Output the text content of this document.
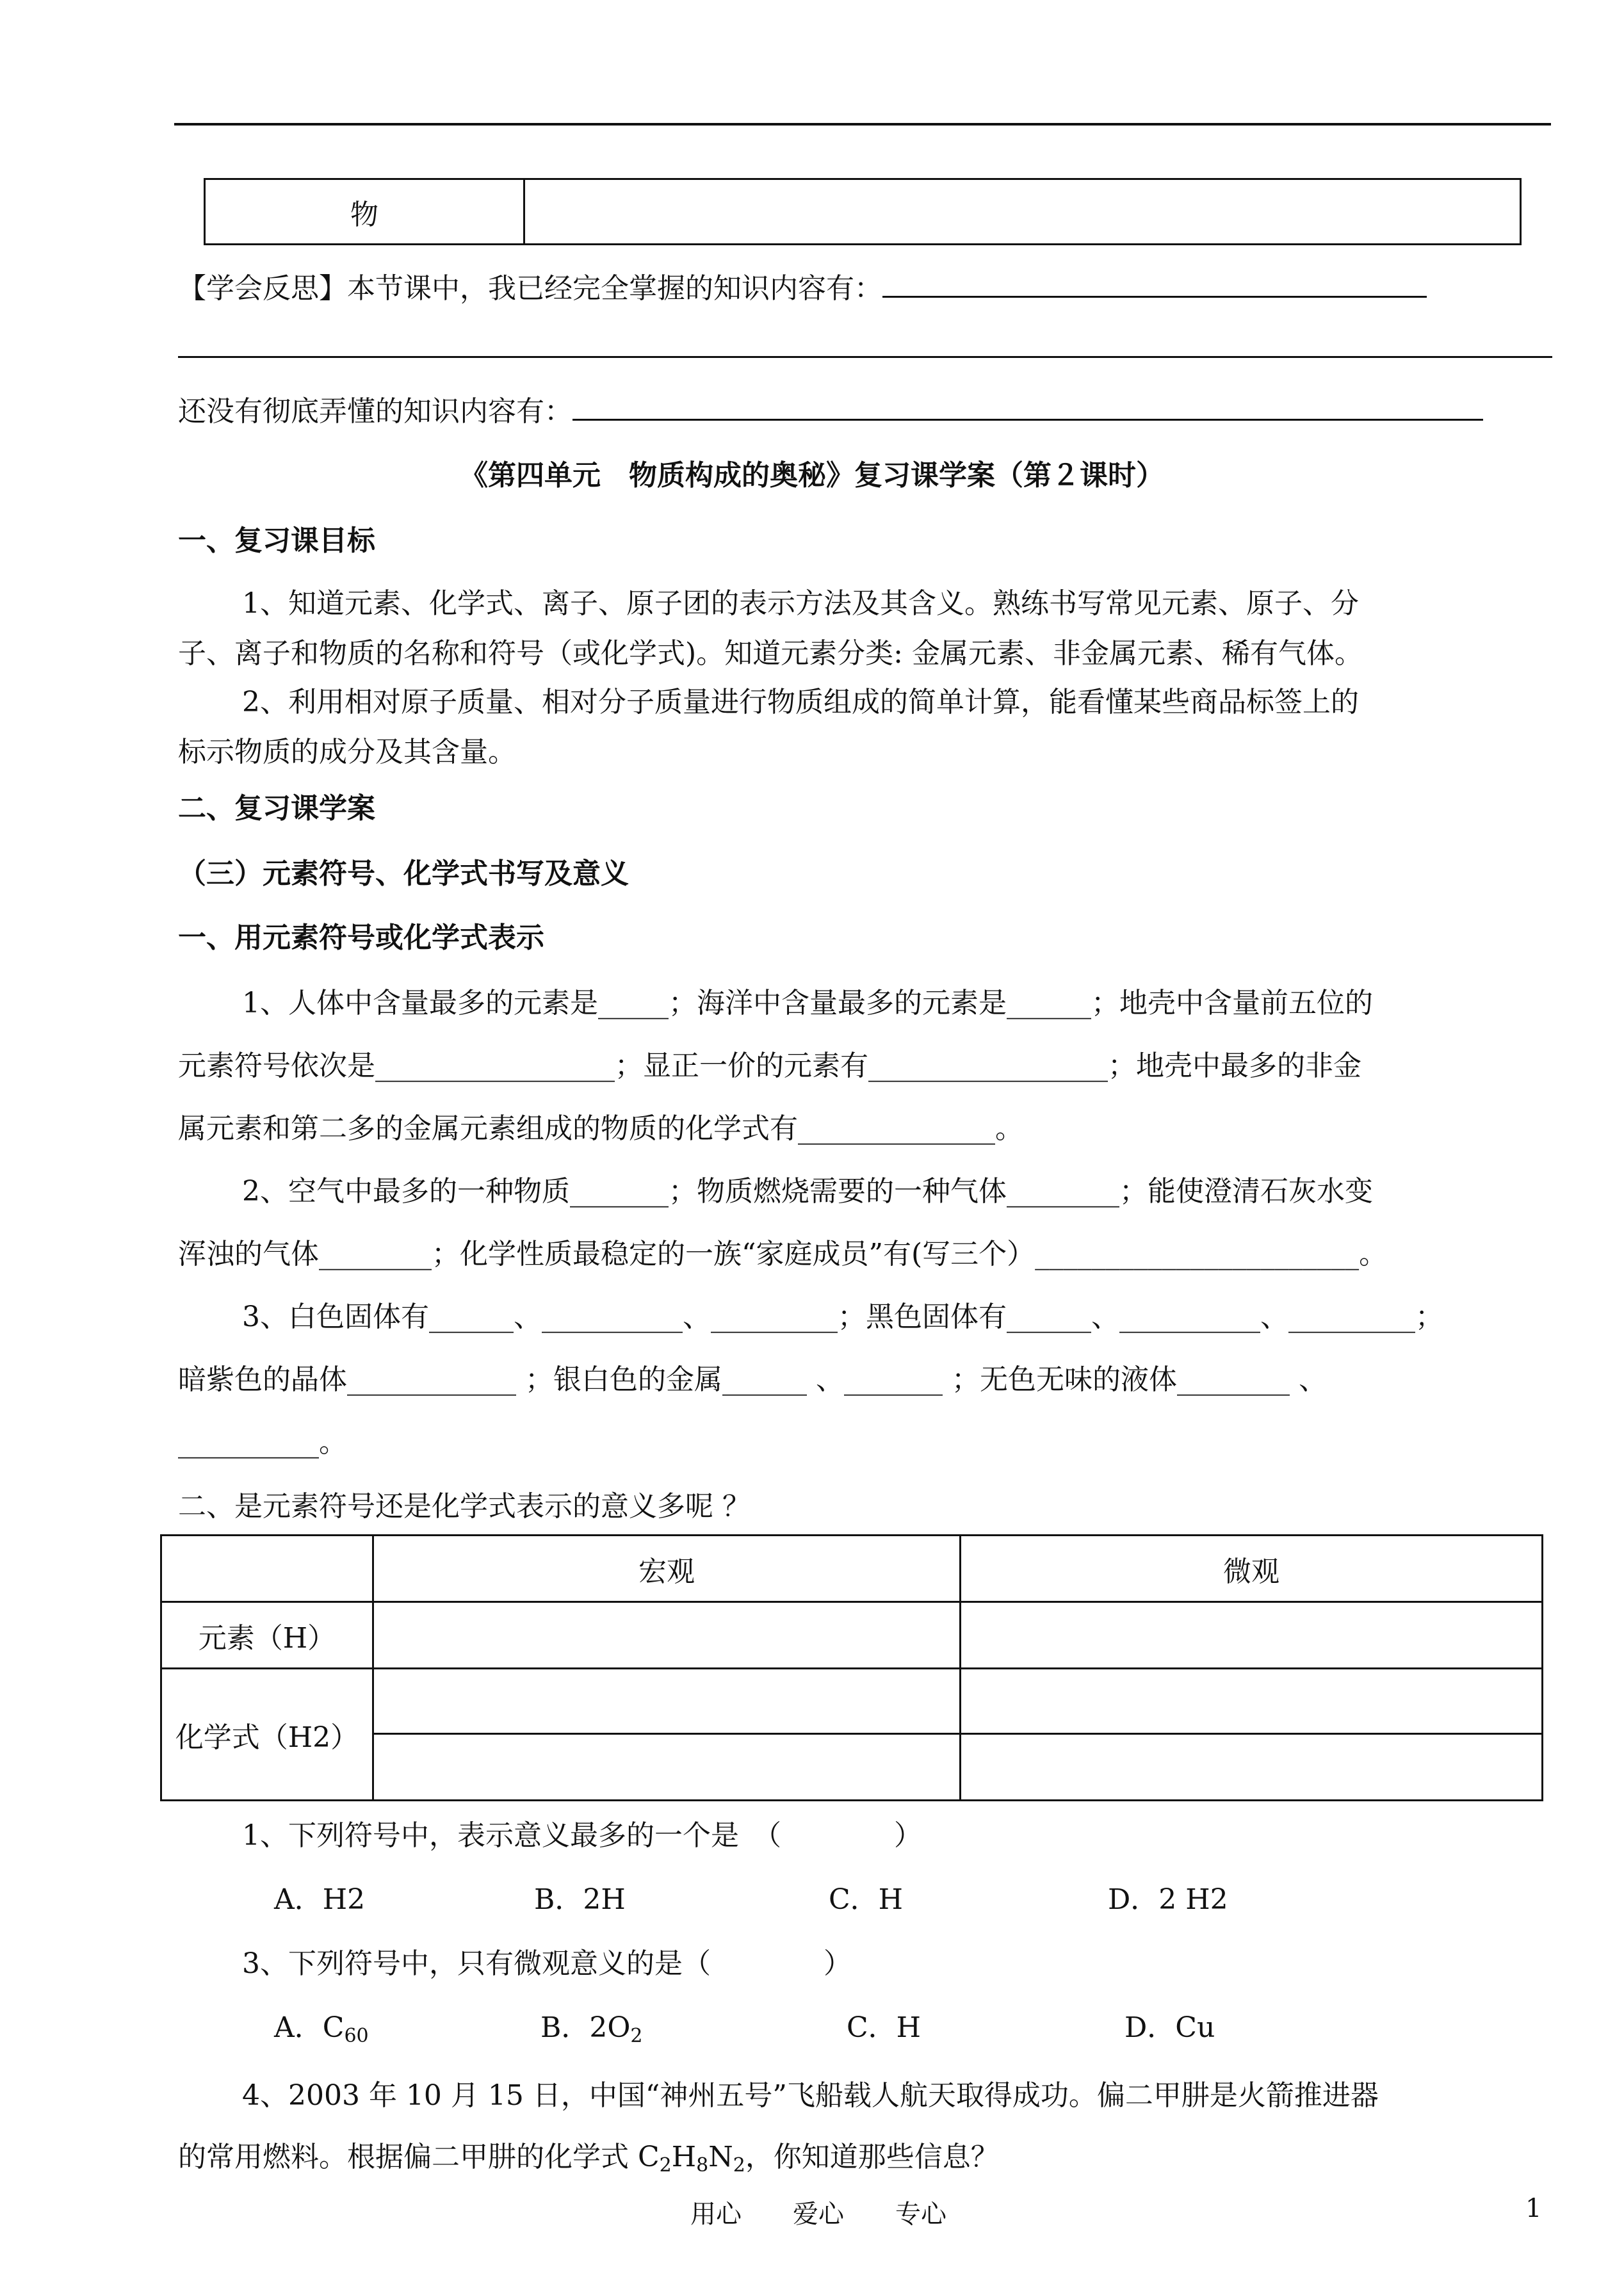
物	
【学会反思】本节课中，我已经完全掌握的知识内容有：
还没有彻底弄懂的知识内容有：
《第四单元　物质构成的奥秘》复习课学案（第２课时）
一、复习课目标
1、知道元素、化学式、离子、原子团的表示方法及其含义。熟练书写常见元素、原子、分
子、离子和物质的名称和符号（或化学式)。知道元素分类: 金属元素、非金属元素、稀有气体。
2、利用相对原子质量、相对分子质量进行物质组成的简单计算，能看懂某些商品标签上的
标示物质的成分及其含量。
二、复习课学案
（三）元素符号、化学式书写及意义
一、用元素符号或化学式表示
1、人体中含量最多的元素是_____；海洋中含量最多的元素是______；地壳中含量前五位的
元素符号依次是_________________；显正一价的元素有_________________；地壳中最多的非金
属元素和第二多的金属元素组成的物质的化学式有______________。
2、空气中最多的一种物质_______；物质燃烧需要的一种气体________；能使澄清石灰水变
浑浊的气体________；化学性质最稳定的一族“家庭成员”有(写三个）_______________________。
3、白色固体有______、__________、_________；黑色固体有______、__________、_________；
暗紫色的晶体____________ ；银白色的金属______ 、_______ ；无色无味的液体________ 、
__________。
二、是元素符号还是化学式表示的意义多呢 ？
	宏观	微观
元素（H）		
化学式（H2）		

1、下列符号中，表示意义最多的一个是　（　　　　）
A．H2	B．2H	C．H	D．2 H2
3、下列符号中，只有微观意义的是（　　　　）
A．$C_{60}$	B．$2O_2$	C．H	D．Cu
4、2003 年 10 月 15 日，中国“神州五号”飞船载人航天取得成功。偏二甲肼是火箭推进器
的常用燃料。根据偏二甲肼的化学式 $C_2H_8N_2$，你知道那些信息？
用心　　爱心　　专心	1
